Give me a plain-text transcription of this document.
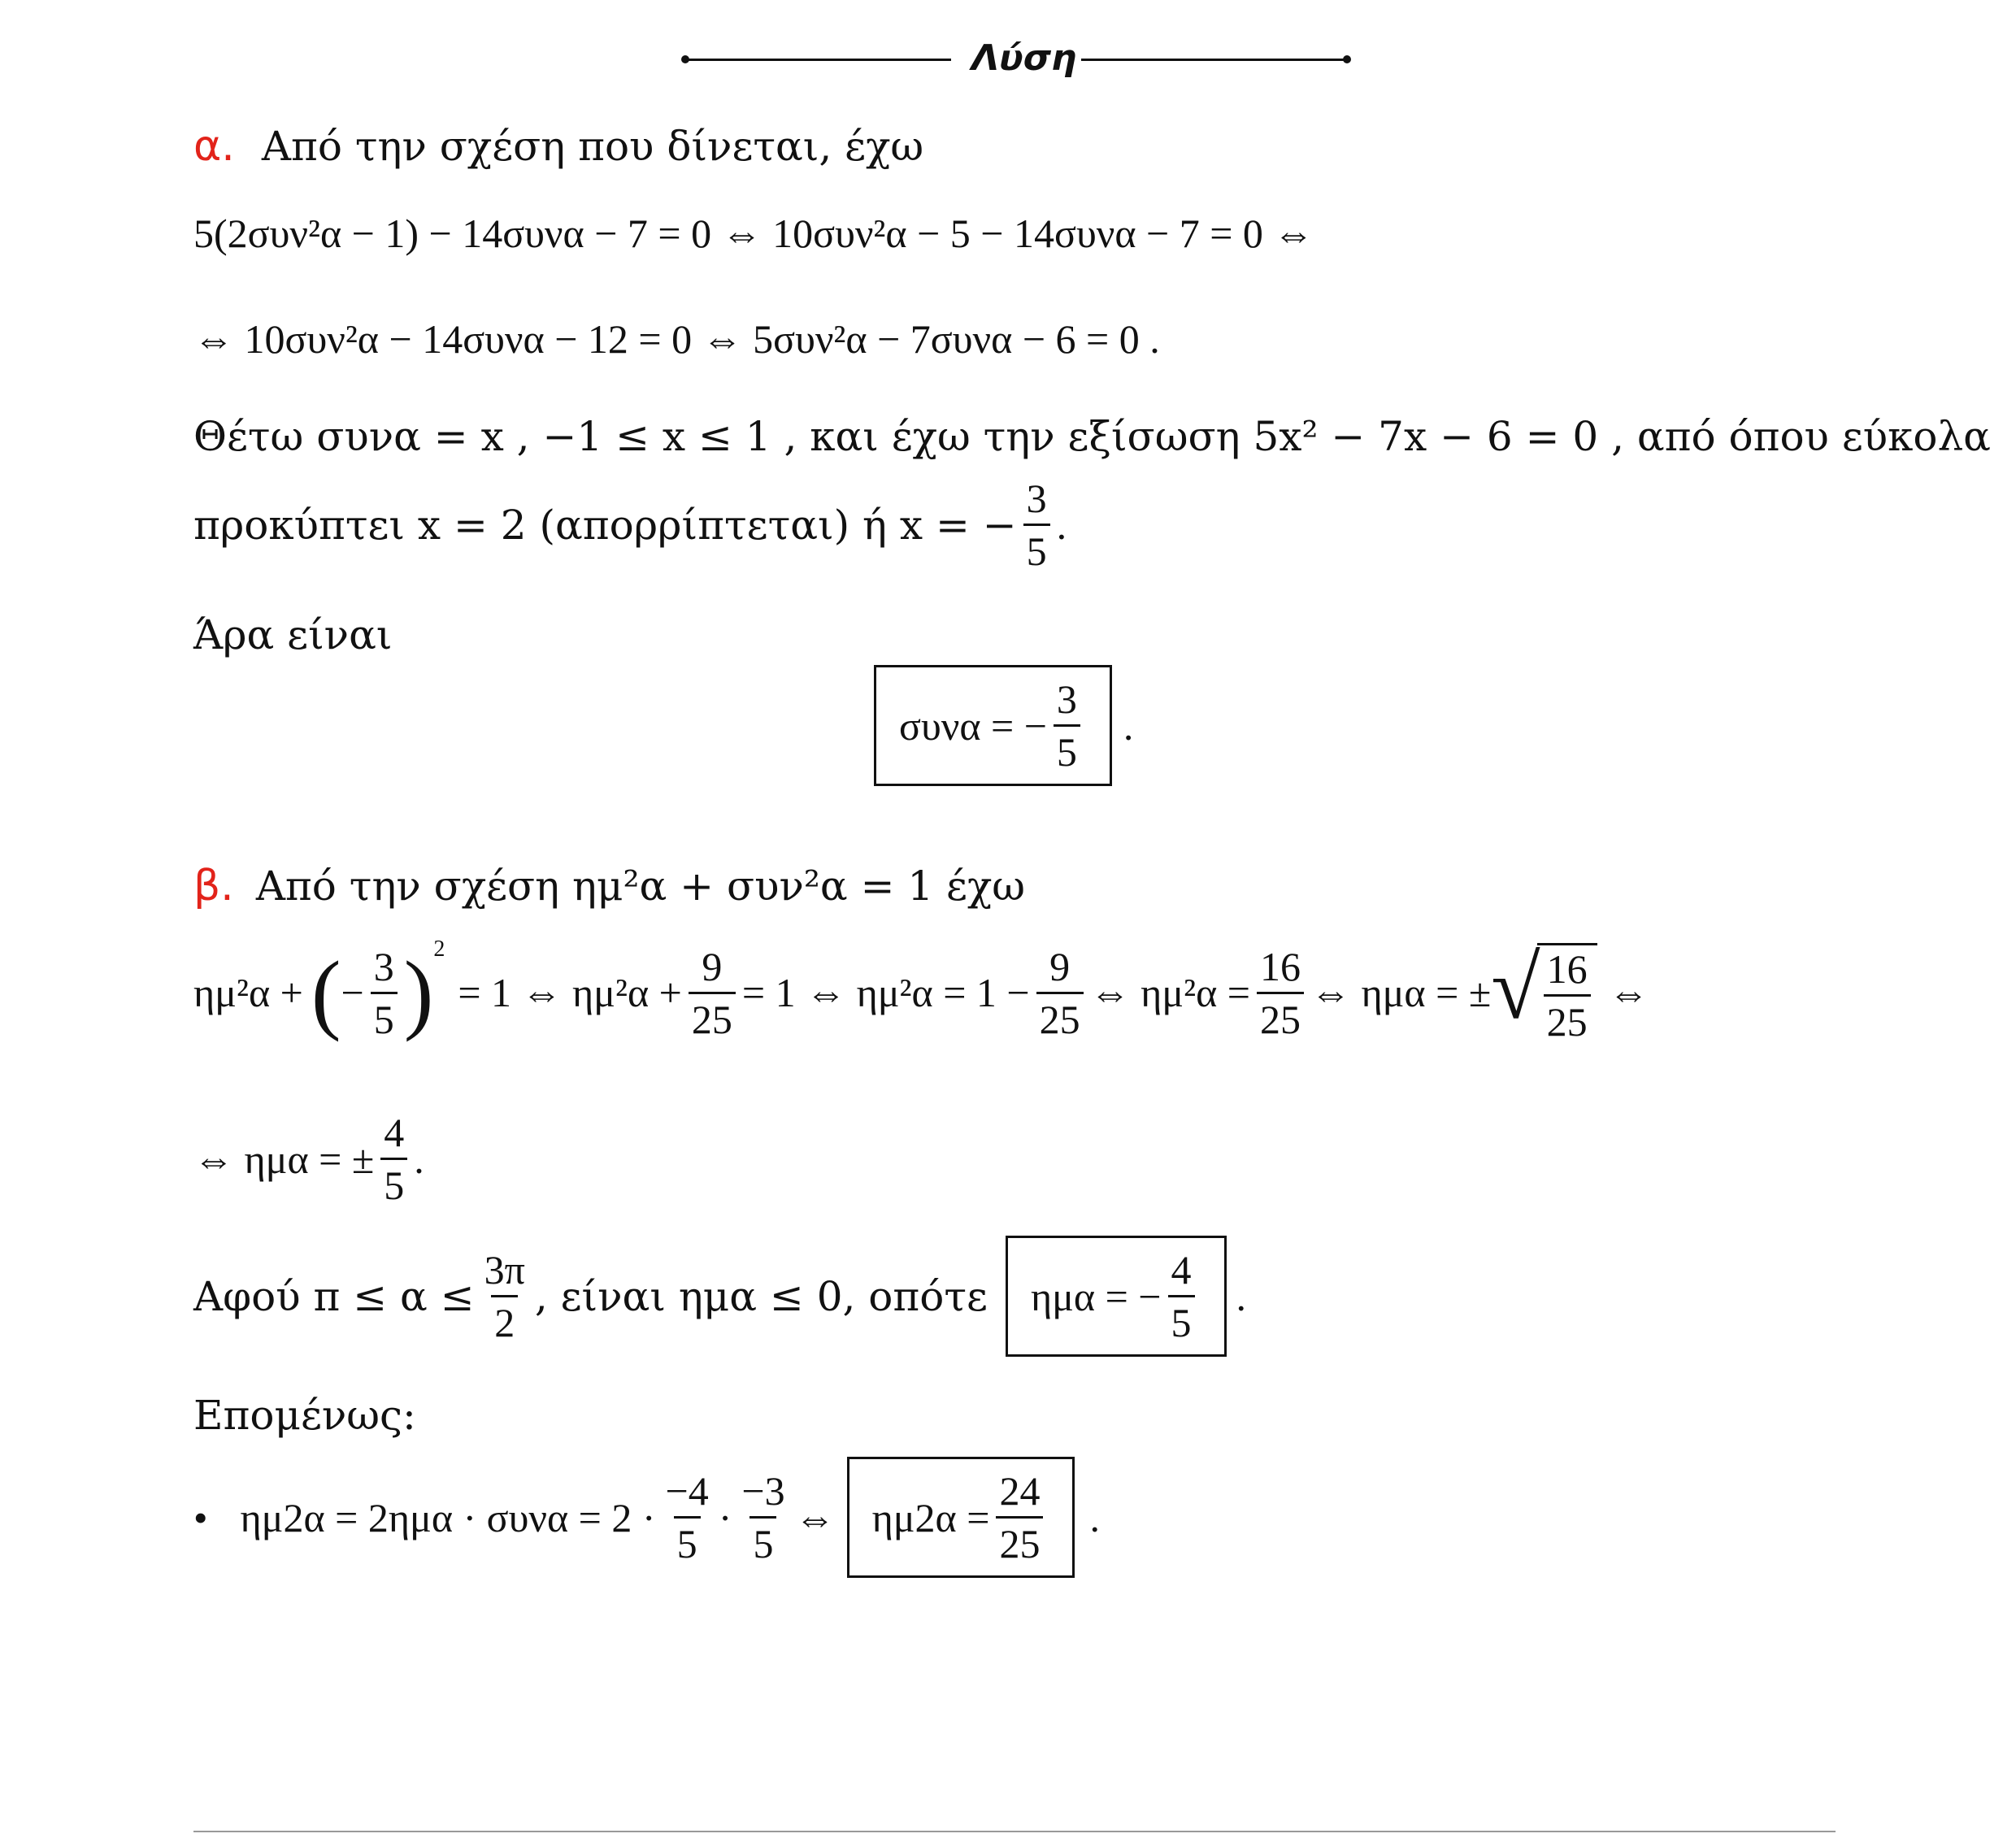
Λύση
α. Από την σχέση που δίνεται, έχω
5(2συν²α − 1) − 14συνα − 7 = 0 ⇔ 10συν²α − 5 − 14συνα − 7 = 0 ⇔
⇔ 10συν²α − 14συνα − 12 = 0 ⇔ 5συν²α − 7συνα − 6 = 0 .
Θέτω συνα = x , −1 ≤ x ≤ 1 , και έχω την εξίσωση 5x² − 7x − 6 = 0 , από όπου εύκολα
προκύπτει x = 2 (απορρίπτεται) ή x = − $\frac{3}{5}$ .
Άρα είναι
συνα = − $\frac{3}{5}$ .
β. Από την σχέση ημ²α + συν²α = 1 έχω
ημ²α + ( − $\frac{3}{5}$ ) 2
= 1 ⇔ $\eta\mu^2\alpha + \frac{9}{25} = 1$ ⇔ $\eta\mu^2\alpha = 1 - \frac{9}{25}$ ⇔ $\eta\mu^2\alpha = \frac{16}{25}$ ⇔ ημα = ± √ $\frac{16}{25}$ ⇔
⇔ ημα = ± $\frac{4}{5}$ .
Αφού $\pi \le \alpha \le \frac{3\pi}{2}$ , είναι ημα ≤ 0, οπότε ημα = − $\frac{4}{5}$ .
Επομένως:
• $\eta\mu 2\alpha = 2\eta\mu\alpha \cdot \sigma\upsilon\nu\alpha = 2 \cdot \frac{-4}{5} \cdot \frac{-3}{5}$ ⇔ $\eta\mu 2\alpha = \frac{24}{25}$ .
